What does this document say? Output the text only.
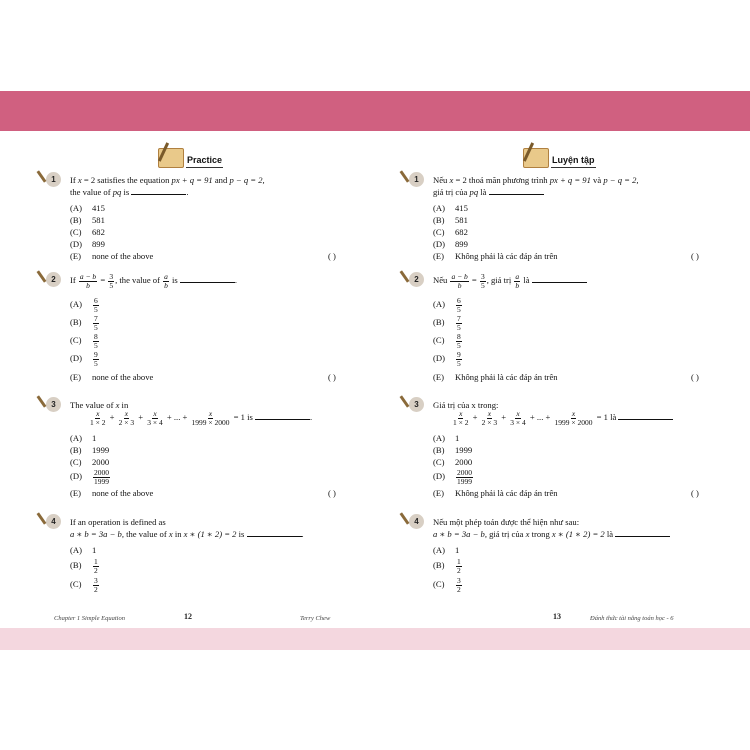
Practice
1	If x = 2 satisfies the equation px + q = 91 and p − q = 2,
the value of pq is	.
(A) 415
(B) 581
(C) 682
(D) 899
(E) none of the above	( )
2	If $\frac{a - b}{b} = \frac{3}{5}$ , the value of $\frac{a}{b}$ is	.
$(A) \frac{6}{5}$
$(B) \frac{7}{5}$
$(C) \frac{8}{5}$
$(D) \frac{9}{5}$
(E) none of the above	( )
3	The value of x in
$\frac{x}{1 \times 2} + \frac{x}{2 \times 3} + \frac{x}{3 \times 4}$ + ... + $\frac{x}{1999 \times 2000} = 1$ is	.
(A) 1
(B) 1999
(C) 2000
$(D) \frac{2000}{1999}$
(E) none of the above	( )
4	If an operation is defined as
a ∗ b = 3a − b, the value of x in x ∗ (1 ∗ 2) = 2 is	.
(A) 1
$(B) \frac{1}{2}$
$(C) \frac{3}{2}$
Luyện tập
1	Nếu x = 2 thoả mãn phương trình px + q = 91 và p − q = 2,
giá trị của pq là
(A) 415
(B) 581
(C) 682
(D) 899
(E) Không phải là các đáp án trên	( )
2	Nếu $\frac{a - b}{b} = \frac{3}{5}$ , giá trị $\frac{a}{b}$ là
$(A) \frac{6}{5}$
$(B) \frac{7}{5}$
$(C) \frac{8}{5}$
$(D) \frac{9}{5}$
(E) Không phải là các đáp án trên	( )
3	Giá trị của x trong:
$\frac{x}{1 \times 2} + \frac{x}{2 \times 3} + \frac{x}{3 \times 4}$ + ... + $\frac{x}{1999 \times 2000} = 1$ là
(A) 1
(B) 1999
(C) 2000
$(D) \frac{2000}{1999}$
(E) Không phải là các đáp án trên	( )
4	Nếu một phép toán được thể hiện như sau:
a ∗ b = 3a − b, giá trị của x trong x ∗ (1 ∗ 2) = 2 là
(A) 1
$(B) \frac{1}{2}$
$(C) \frac{3}{2}$
Chapter 1 Simple Equation	12	Terry Chew	13	Đánh thức tài năng toán học - 6
